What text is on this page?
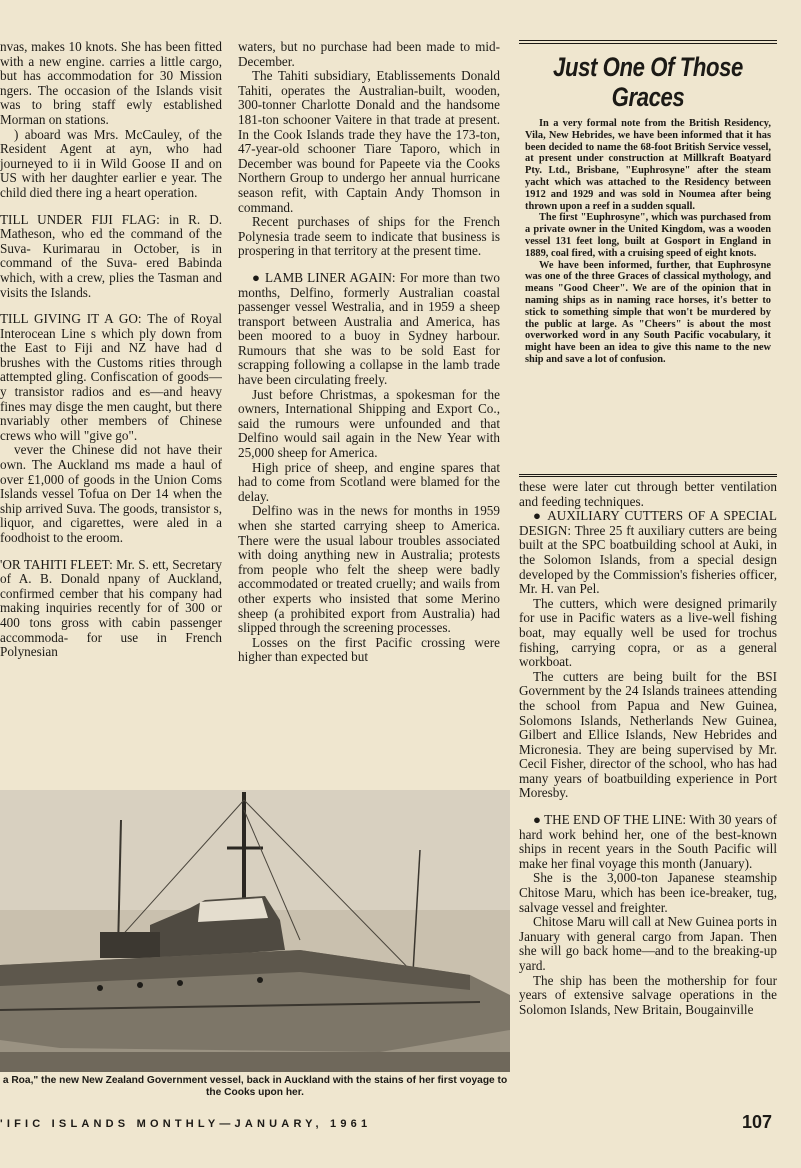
nvas, makes 10 knots. She has been fitted with a new engine. carries a little cargo, but has accommodation for 30 Mission ngers. The occasion of the Islands visit was to bring staff ewly established Morman on stations.

) aboard was Mrs. McCauley, of the Resident Agent at ayn, who had journeyed to ii in Wild Goose II and on US with her daughter earlier e year. The child died there ing a heart operation.

TILL UNDER FIJI FLAG: in R. D. Matheson, who ed the command of the Suva- Kurimarau in October, is in command of the Suva- ered Babinda which, with a crew, plies the Tasman and visits the Islands.

TILL GIVING IT A GO: The of Royal Interocean Line s which ply down from the East to Fiji and NZ have had d brushes with the Customs rities through attempted gling. Confiscation of goods— y transistor radios and es—and heavy fines may disge the men caught, but there nvariably other members of Chinese crews who will "give go".

vever the Chinese did not have their own. The Auckland ms made a haul of over £1,000 of goods in the Union Coms Islands vessel Tofua on Der 14 when the ship arrived Suva. The goods, transistor s, liquor, and cigarettes, were aled in a foodhoist to the eroom.

'OR TAHITI FLEET: Mr. S. ett, Secretary of A. B. Donald npany of Auckland, confirmed cember that his company had making inquiries recently for of 300 or 400 tons gross with cabin passenger accommoda- for use in French Polynesian

waters, but no purchase had been made to mid-December.

The Tahiti subsidiary, Etablissements Donald Tahiti, operates the Australian-built, wooden, 300-tonner Charlotte Donald and the handsome 181-ton schooner Vaitere in that trade at present. In the Cook Islands trade they have the 173-ton, 47-year-old schooner Tiare Taporo, which in December was bound for Papeete via the Cooks Northern Group to undergo her annual hurricane season refit, with Captain Andy Thomson in command.

Recent purchases of ships for the French Polynesia trade seem to indicate that business is prospering in that territory at the present time.

● LAMB LINER AGAIN: For more than two months, Delfino, formerly Australian coastal passenger vessel Westralia, and in 1959 a sheep transport between Australia and America, has been moored to a buoy in Sydney harbour. Rumours that she was to be sold East for scrapping following a collapse in the lamb trade have been circulating freely.

Just before Christmas, a spokesman for the owners, International Shipping and Export Co., said the rumours were unfounded and that Delfino would sail again in the New Year with 25,000 sheep for America.

High price of sheep, and engine spares that had to come from Scotland were blamed for the delay.

Delfino was in the news for months in 1959 when she started carrying sheep to America. There were the usual labour troubles associated with doing anything new in Australia; protests from people who felt the sheep were badly accommodated or treated cruelly; and wails from other experts who insisted that some Merino sheep (a prohibited export from Australia) had slipped through the screening processes.

Losses on the first Pacific crossing were higher than expected but

Just One Of Those Graces

In a very formal note from the British Residency, Vila, New Hebrides, we have been informed that it has been decided to name the 68-foot British Service vessel, at present under construction at Millkraft Boatyard Pty. Ltd., Brisbane, "Euphrosyne" after the steam yacht which was attached to the Residency between 1912 and 1929 and was sold in Noumea after being thrown upon a reef in a sudden squall.

The first "Euphrosyne", which was purchased from a private owner in the United Kingdom, was a wooden vessel 131 feet long, built at Gosport in England in 1889, coal fired, with a cruising speed of eight knots.

We have been informed, further, that Euphrosyne was one of the three Graces of classical mythology, and means "Good Cheer". We are of the opinion that in naming ships as in naming race horses, it's better to stick to something simple that won't be murdered by the public at large. As "Cheers" is about the most overworked word in any South Pacific vocabulary, it might have been an idea to give this name to the new ship and save a lot of confusion.

these were later cut through better ventilation and feeding techniques.

● AUXILIARY CUTTERS OF A SPECIAL DESIGN: Three 25 ft auxiliary cutters are being built at the SPC boatbuilding school at Auki, in the Solomon Islands, from a special design developed by the Commission's fisheries officer, Mr. H. van Pel.

The cutters, which were designed primarily for use in Pacific waters as a live-well fishing boat, may equally well be used for trochus fishing, carrying copra, or as a general workboat.

The cutters are being built for the BSI Government by the 24 Islands trainees attending the school from Papua and New Guinea, Solomons Islands, Netherlands New Guinea, Gilbert and Ellice Islands, New Hebrides and Micronesia. They are being supervised by Mr. Cecil Fisher, director of the school, who has had many years of boatbuilding experience in Port Moresby.

● THE END OF THE LINE: With 30 years of hard work behind her, one of the best-known ships in recent years in the South Pacific will make her final voyage this month (January).

She is the 3,000-ton Japanese steamship Chitose Maru, which has been ice-breaker, tug, salvage vessel and freighter.

Chitose Maru will call at New Guinea ports in January with general cargo from Japan. Then she will go back home—and to the breaking-up yard.

The ship has been the mothership for four years of extensive salvage operations in the Solomon Islands, New Britain, Bougainville

a Roa," the new New Zealand Government vessel, back in Auckland with the stains of her first voyage to the Cooks upon her.
'IFIC ISLANDS MONTHLY—JANUARY, 1961	107
